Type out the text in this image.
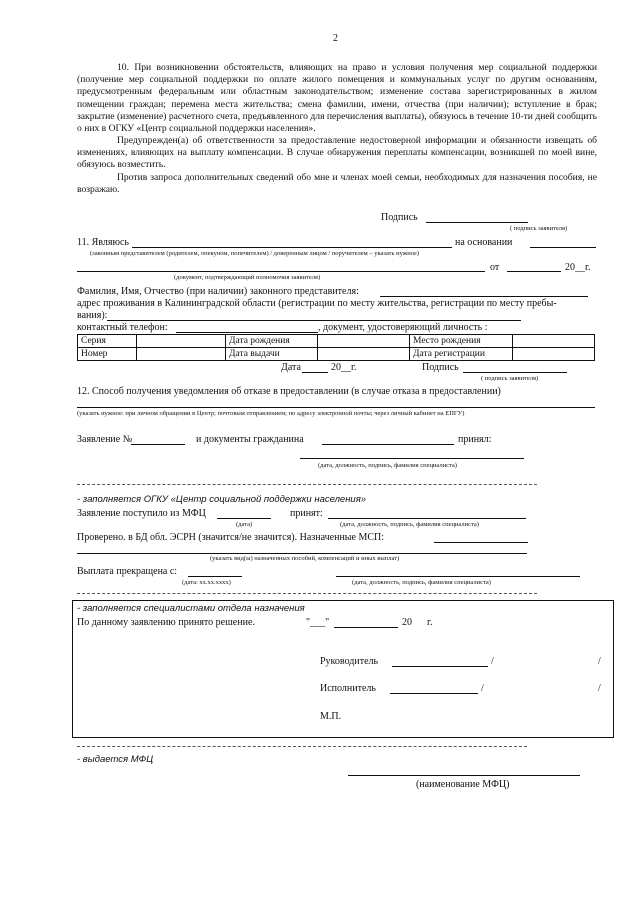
2
10. При возникновении обстоятельств, влияющих на право и условия получения мер социальной поддержки (получение мер социальной поддержки по оплате жилого помещения и коммунальных услуг по другим основаниям, предусмотренным федеральным или областным законодательством; изменение состава зарегистрированных в жилом помещении граждан; перемена места жительства; смена фамилии, имени, отчества (при наличии); вступление в брак; закрытие (изменение) расчетного счета, предъявленного для перечисления выплаты), обязуюсь в течение 10-ти дней сообщить о них в ОГКУ «Центр социальной поддержки населения».
Предупрежден(а) об ответственности за предоставление недостоверной информации и обязанности извещать об изменениях, влияющих на выплату компенсации. В случае обнаружения переплаты компенсации, возникшей по моей вине, обязуюсь возместить.
Против запроса дополнительных сведений обо мне и членах моей семьи, необходимых для назначения пособия, не возражаю.
Подпись
( подпись заявителя)
11. Являюсь	на основании
(законным представителем (родителем, опекуном, попечителем) / доверенным лицом / поручителем – указать нужное)
от	20__г.
(документ, подтверждающий полномочия заявителя)
Фамилия, Имя, Отчество (при наличии) законного представителя:
адрес проживания в Калининградской области (регистрации по месту жительства, регистрации по месту пребы-
вания):
контактный телефон:	, документ, удостоверяющий личность :
Серия		Дата рождения		Место рождения	
Номер		Дата выдачи		Дата регистрации	
Дата	20__г.	Подпись
( подпись заявителя)
12. Способ получения уведомления об отказе в предоставлении (в случае отказа в предоставлении)
(указать нужное: при личном обращении в Центр; почтовым отправлением; по адресу электронной почты; через личный кабинет на ЕПГУ)
Заявление №	и документы гражданина	принял:
(дата, должность, подпись, фамилия специалиста)
- заполняется ОГКУ «Центр социальной поддержки населения»
Заявление поступило из МФЦ	принят:
(дата)	(дата, должность, подпись, фамилия специалиста)
Проверено. в БД обл. ЭСРН (значится/не значится). Назначенные МСП:
(указать вид(ы) назначенных пособий, компенсаций и иных выплат)
Выплата прекращена с:
(дата: хх.хх.хххх)	(дата, должность, подпись, фамилия специалиста)
- заполняется специалистами отдела назначения
По данному заявлению принято решение.	"___"	20 г.
Руководитель	/	/
Исполнитель	/	/
М.П.
- выдается МФЦ
(наименование МФЦ)
